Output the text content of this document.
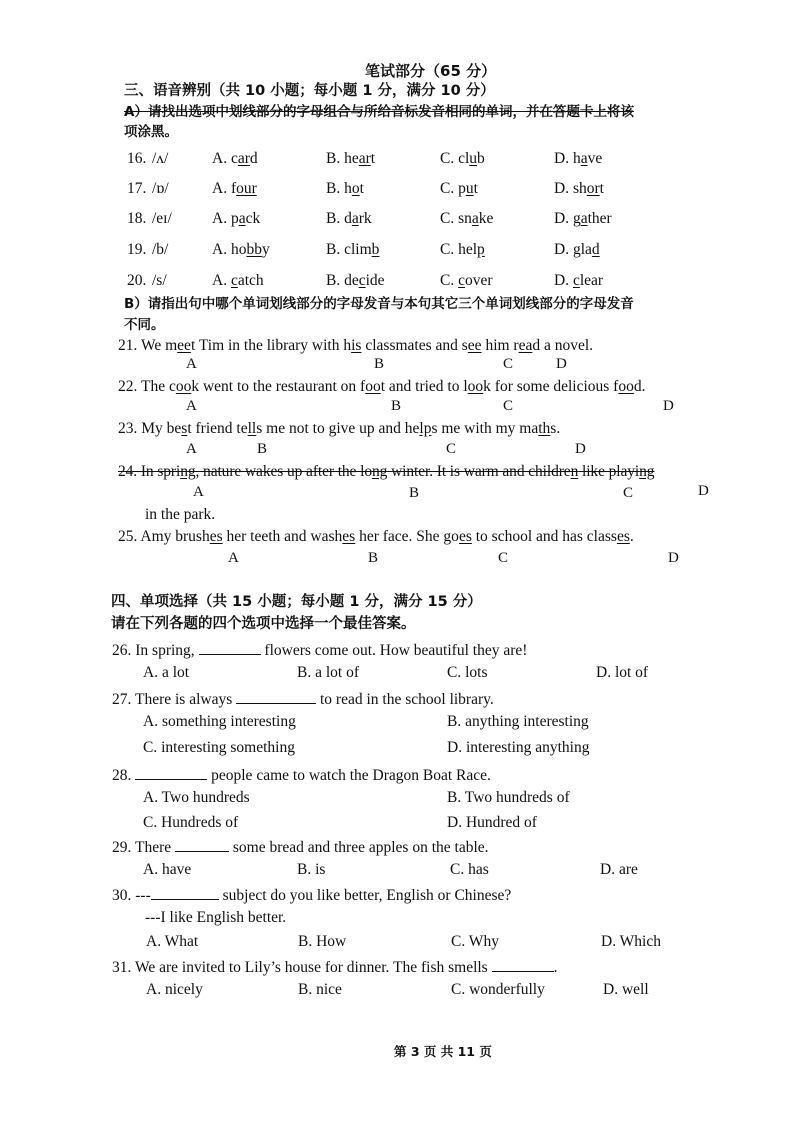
笔试部分（65 分）
三、语音辨别（共 10 小题；每小题 1 分，满分 10 分）
A）请找出选项中划线部分的字母组合与所给音标发音相同的单词，并在答题卡上将该
项涂黑。
16. /ʌ/	A. card	B. heart	C. club	D. have
17. /ɒ/	A. four	B. hot	C. put	D. short
18. /eɪ/	A. pack	B. dark	C. snake	D. gather
19. /b/	A. hobby	B. climb	C. help	D. glad
20. /s/	A. catch	B. decide	C. cover	D. clear
B）请指出句中哪个单词划线部分的字母发音与本句其它三个单词划线部分的字母发音
不同。
21. We meet Tim in the library with his classmates and see him read a novel.
A	B	C	D
22. The cook went to the restaurant on foot and tried to look for some delicious food.
A	B	C	D
23. My best friend tells me not to give up and helps me with my maths.
A	B	C	D
24. In spring, nature wakes up after the long winter. It is warm and children like playing
A	B	C	D
in the park.
25. Amy brushes her teeth and washes her face. She goes to school and has classes.
A	B	C	D
四、单项选择（共 15 小题；每小题 1 分，满分 15 分）
请在下列各题的四个选项中选择一个最佳答案。
26. In spring,	flowers come out. How beautiful they are!
A. a lot	B. a lot of	C. lots	D. lot of
27. There is always	to read in the school library.
A. something interesting	B. anything interesting
C. interesting something	D. interesting anything
28.	people came to watch the Dragon Boat Race.
A. Two hundreds	B. Two hundreds of
C. Hundreds of	D. Hundred of
29. There	some bread and three apples on the table.
A. have	B. is	C. has	D. are
30. ---	subject do you like better, English or Chinese?
---I like English better.
A. What	B. How	C. Why	D. Which
31. We are invited to Lily’s house for dinner. The fish smells	.
A. nicely	B. nice	C. wonderfully	D. well
第 3 页 共 11 页
